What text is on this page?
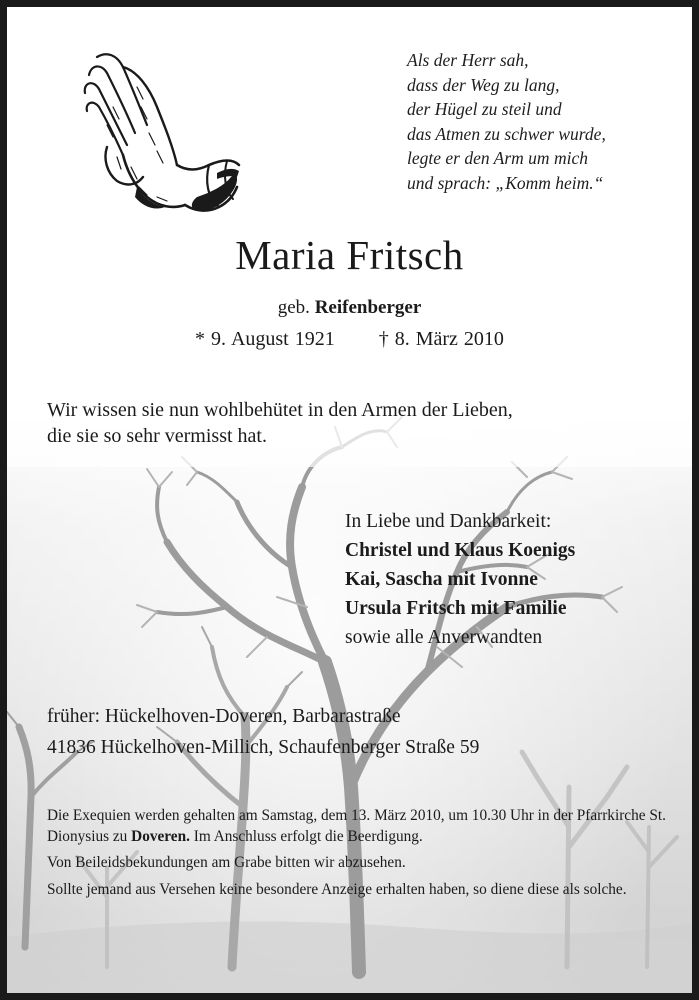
Als der Herr sah,
dass der Weg zu lang,
der Hügel zu steil und
das Atmen zu schwer wurde,
legte er den Arm um mich
und sprach: „Komm heim.“
Maria Fritsch
geb. Reifenberger
* 9. August 1921 † 8. März 2010
Wir wissen sie nun wohlbehütet in den Armen der Lieben,
die sie so sehr vermisst hat.
In Liebe und Dankbarkeit:
Christel und Klaus Koenigs
Kai, Sascha mit Ivonne
Ursula Fritsch mit Familie
sowie alle Anverwandten
früher: Hückelhoven-Doveren, Barbarastraße
41836 Hückelhoven-Millich, Schaufenberger Straße 59

Die Exequien werden gehalten am Samstag, dem 13. März 2010, um 10.30 Uhr in der Pfarrkirche St. Dionysius zu Doveren. Im Anschluss erfolgt die Beerdigung.

Von Beileidsbekundungen am Grabe bitten wir abzusehen.

Sollte jemand aus Versehen keine besondere Anzeige erhalten haben, so diene diese als solche.
